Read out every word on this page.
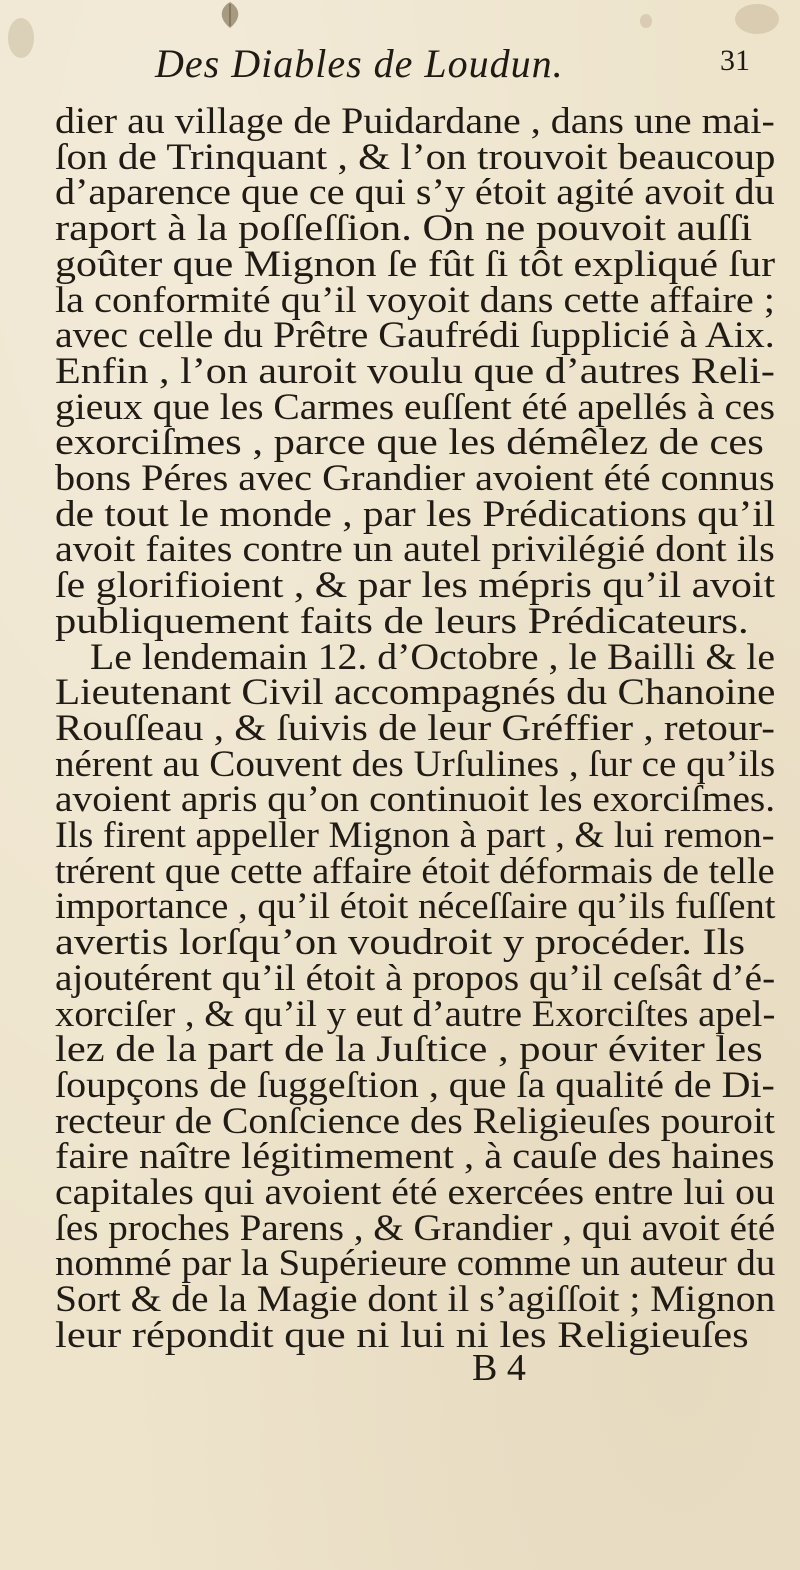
Des Diables de Loudun.	31
dier au village de Puidardane , dans une mai-
ſon de Trinquant , & l’on trouvoit beaucoup
d’aparence que ce qui s’y étoit agité avoit du
raport à la poſſeſſion. On ne pouvoit auſſi
goûter que Mignon ſe fût ſi tôt expliqué ſur
la conformité qu’il voyoit dans cette affaire ;
avec celle du Prêtre Gaufrédi ſupplicié à Aix.
Enfin , l’on auroit voulu que d’autres Reli-
gieux que les Carmes euſſent été apellés à ces
exorciſmes , parce que les démêlez de ces
bons Péres avec Grandier avoient été connus
de tout le monde , par les Prédications qu’il
avoit faites contre un autel privilégié dont ils
ſe glorifioient , & par les mépris qu’il avoit
publiquement faits de leurs Prédicateurs.
Le lendemain 12. d’Octobre , le Bailli & le
Lieutenant Civil accompagnés du Chanoine
Rouſſeau , & ſuivis de leur Gréffier , retour-
nérent au Couvent des Urſulines , ſur ce qu’ils
avoient apris qu’on continuoit les exorciſmes.
Ils firent appeller Mignon à part , & lui remon-
trérent que cette affaire étoit déformais de telle
importance , qu’il étoit néceſſaire qu’ils fuſſent
avertis lorſqu’on voudroit y procéder. Ils
ajoutérent qu’il étoit à propos qu’il ceſsât d’é-
xorciſer , & qu’il y eut d’autre Exorciſtes apel-
lez de la part de la Juſtice , pour éviter les
ſoupçons de ſuggeſtion , que ſa qualité de Di-
recteur de Conſcience des Religieuſes pouroit
faire naître légitimement , à cauſe des haines
capitales qui avoient été exercées entre lui ou
ſes proches Parens , & Grandier , qui avoit été
nommé par la Supérieure comme un auteur du
Sort & de la Magie dont il s’agiſſoit ; Mignon
leur répondit que ni lui ni les Religieuſes
B 4
